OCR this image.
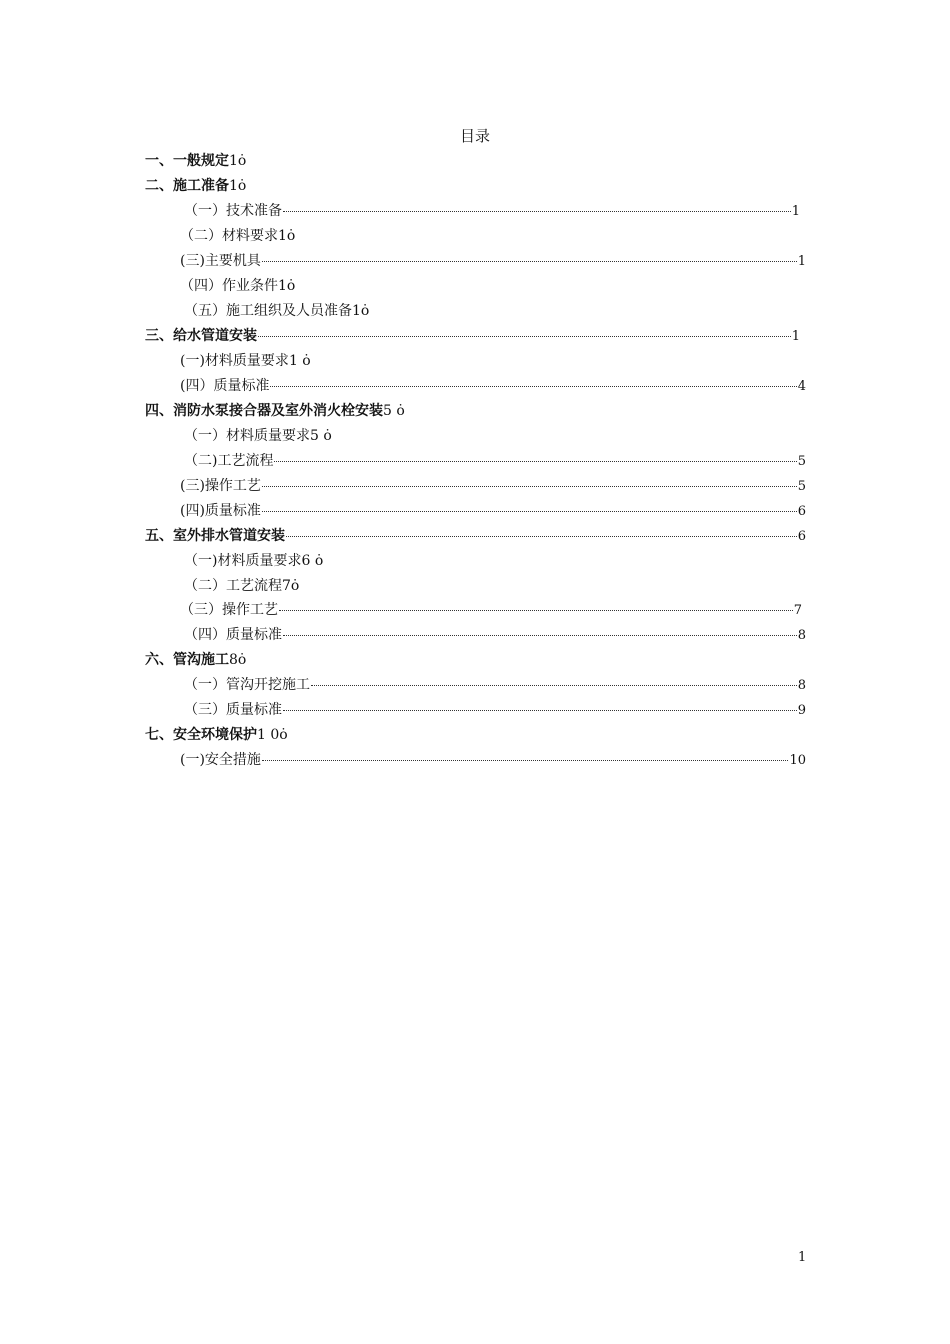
目录
一、一般规定 1ȯ
二、施工准备 1ȯ
（一）技术准备	1
（二）材料要求 1ȯ
(三)主要机具	1
（四）作业条件 1ȯ
（五）施工组织及人员准备 1ȯ
三、给水管道安装	1
(一)材料质量要求 1 ȯ
(四）质量标准	4
四、消防水泵接合器及室外消火栓安装 5 ȯ
（一）材料质量要求 5 ȯ
（二)工艺流程	5
(三)操作工艺	5
(四)质量标准	6
五、室外排水管道安装	6
（一)材料质量要求 6 ȯ
（二）工艺流程 7ȯ
（三）操作工艺	7
（四）质量标准	8
六、管沟施工 8ȯ
（一）管沟开挖施工	8
（三）质量标准	9
七、安全环境保护 1 0ȯ
(一)安全措施	10
1
